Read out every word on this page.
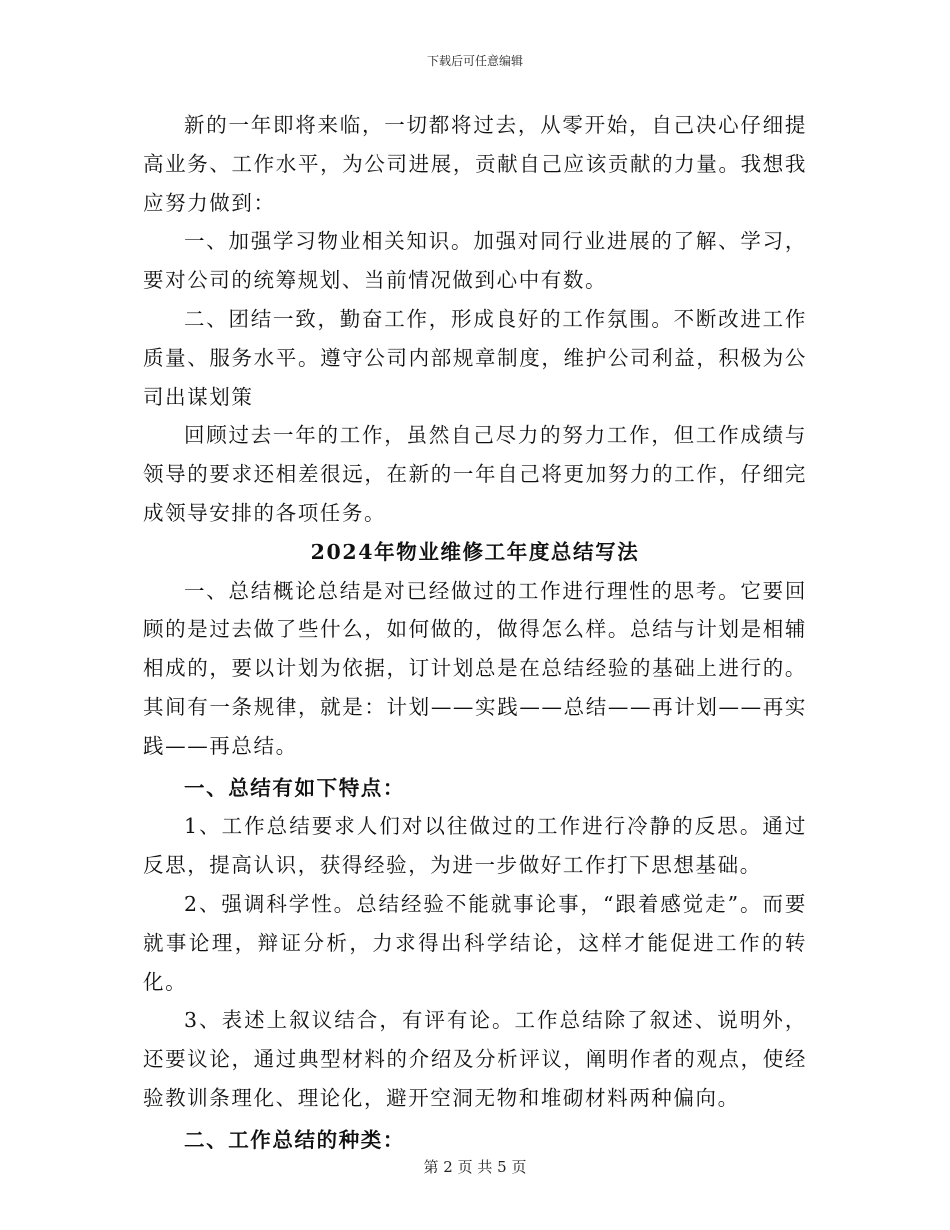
下载后可任意编辑

新的一年即将来临，一切都将过去，从零开始，自己决心仔细提高业务、工作水平，为公司进展，贡献自己应该贡献的力量。我想我应努力做到：

一、加强学习物业相关知识。加强对同行业进展的了解、学习，要对公司的统筹规划、当前情况做到心中有数。

二、团结一致，勤奋工作，形成良好的工作氛围。不断改进工作质量、服务水平。遵守公司内部规章制度，维护公司利益，积极为公司出谋划策

回顾过去一年的工作，虽然自己尽力的努力工作，但工作成绩与领导的要求还相差很远，在新的一年自己将更加努力的工作，仔细完成领导安排的各项任务。

2024年物业维修工年度总结写法

一、总结概论总结是对已经做过的工作进行理性的思考。它要回顾的是过去做了些什么，如何做的，做得怎么样。总结与计划是相辅相成的，要以计划为依据，订计划总是在总结经验的基础上进行的。其间有一条规律，就是：计划——实践——总结——再计划——再实践——再总结。

一、总结有如下特点：

1、工作总结要求人们对以往做过的工作进行冷静的反思。通过反思，提高认识，获得经验，为进一步做好工作打下思想基础。

2、强调科学性。总结经验不能就事论事，“跟着感觉走”。而要就事论理，辩证分析，力求得出科学结论，这样才能促进工作的转化。

3、表述上叙议结合，有评有论。工作总结除了叙述、说明外，还要议论，通过典型材料的介绍及分析评议，阐明作者的观点，使经验教训条理化、理论化，避开空洞无物和堆砌材料两种偏向。

二、工作总结的种类：

第 2 页 共 5 页
